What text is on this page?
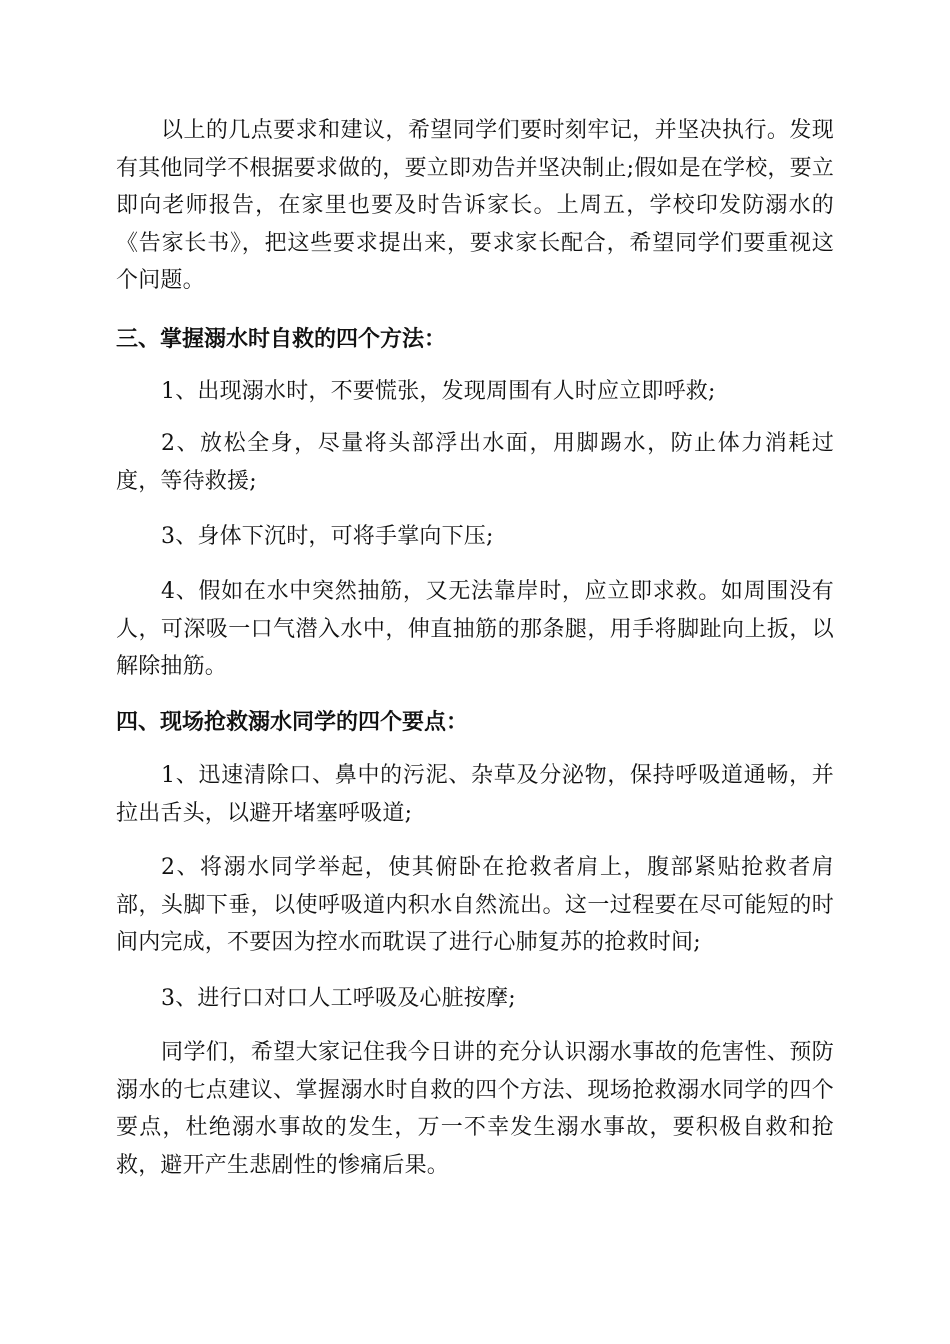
以上的几点要求和建议，希望同学们要时刻牢记，并坚决执行。发现有其他同学不根据要求做的，要立即劝告并坚决制止;假如是在学校，要立即向老师报告，在家里也要及时告诉家长。上周五，学校印发防溺水的《告家长书》，把这些要求提出来，要求家长配合，希望同学们要重视这个问题。

三、掌握溺水时自救的四个方法：

1、出现溺水时，不要慌张，发现周围有人时应立即呼救;

2、放松全身，尽量将头部浮出水面，用脚踢水，防止体力消耗过度，等待救援;

3、身体下沉时，可将手掌向下压;

4、假如在水中突然抽筋，又无法靠岸时，应立即求救。如周围没有人，可深吸一口气潜入水中，伸直抽筋的那条腿，用手将脚趾向上扳，以解除抽筋。

四、现场抢救溺水同学的四个要点：

1、迅速清除口、鼻中的污泥、杂草及分泌物，保持呼吸道通畅，并拉出舌头，以避开堵塞呼吸道;

2、将溺水同学举起，使其俯卧在抢救者肩上，腹部紧贴抢救者肩部，头脚下垂，以使呼吸道内积水自然流出。这一过程要在尽可能短的时间内完成，不要因为控水而耽误了进行心肺复苏的抢救时间;

3、进行口对口人工呼吸及心脏按摩;

同学们，希望大家记住我今日讲的充分认识溺水事故的危害性、预防溺水的七点建议、掌握溺水时自救的四个方法、现场抢救溺水同学的四个要点，杜绝溺水事故的发生，万一不幸发生溺水事故，要积极自救和抢救，避开产生悲剧性的惨痛后果。
